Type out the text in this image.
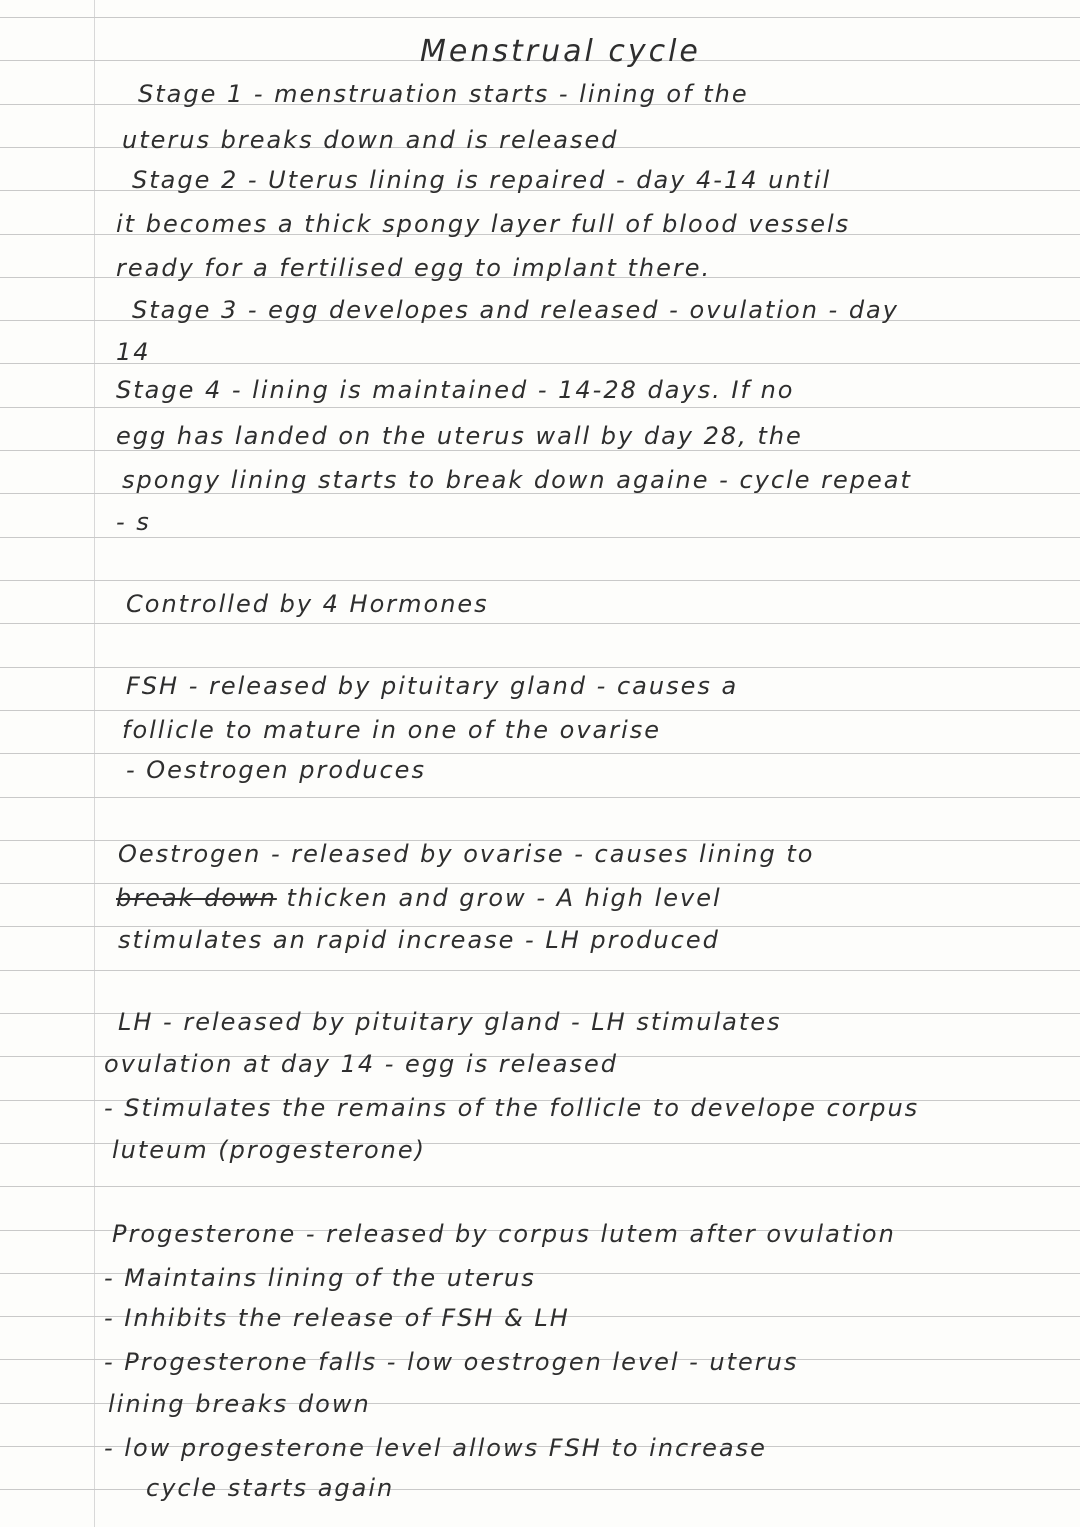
Menstrual cycle
Stage 1 - menstruation starts - lining of the
uterus breaks down and is released
Stage 2 - Uterus lining is repaired - day 4-14 until
it becomes a thick spongy layer full of blood vessels
ready for a fertilised egg to implant there.
Stage 3 - egg developes and released - ovulation - day
14
Stage 4 - lining is maintained - 14-28 days. If no
egg has landed on the uterus wall by day 28, the
spongy lining starts to break down againe - cycle repeat
- s
Controlled by 4 Hormones
FSH - released by pituitary gland - causes a
follicle to mature in one of the ovarise
- Oestrogen produces
Oestrogen - released by ovarise - causes lining to
break down thicken and grow - A high level
stimulates an rapid increase - LH produced
LH - released by pituitary gland - LH stimulates
ovulation at day 14 - egg is released
- Stimulates the remains of the follicle to develope corpus
luteum (progesterone)
Progesterone - released by corpus lutem after ovulation
- Maintains lining of the uterus
- Inhibits the release of FSH & LH
- Progesterone falls - low oestrogen level - uterus
lining breaks down
- low progesterone level allows FSH to increase
cycle starts again
